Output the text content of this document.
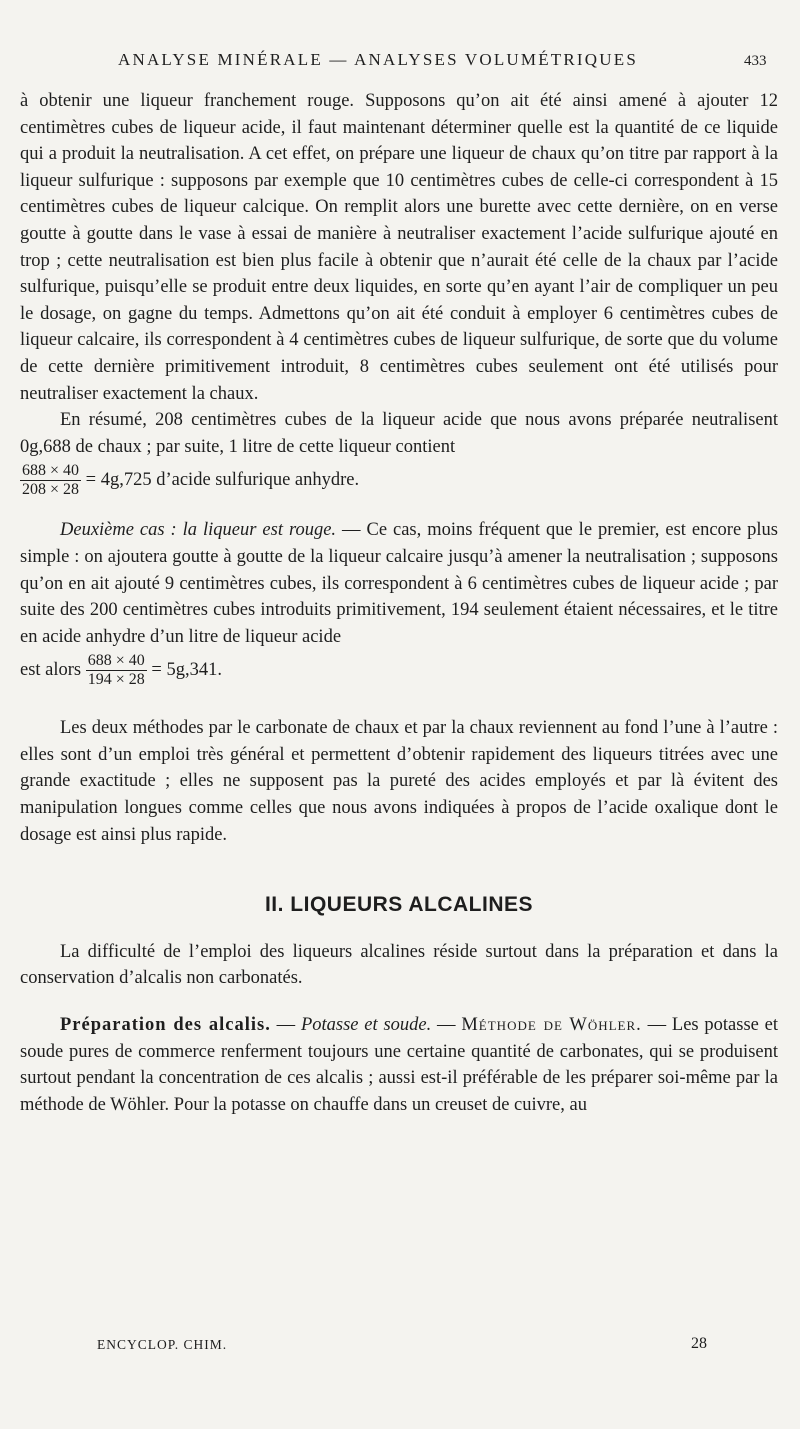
ANALYSE MINÉRALE — ANALYSES VOLUMÉTRIQUES	433

à obtenir une liqueur franchement rouge. Supposons qu’on ait été ainsi amené à ajouter 12 centimètres cubes de liqueur acide, il faut maintenant déterminer quelle est la quantité de ce liquide qui a produit la neutralisation. A cet effet, on prépare une liqueur de chaux qu’on titre par rapport à la liqueur sulfurique : supposons par exemple que 10 centimètres cubes de celle-ci correspondent à 15 centimètres cubes de liqueur calcique. On remplit alors une burette avec cette dernière, on en verse goutte à goutte dans le vase à essai de manière à neutraliser exactement l’acide sulfurique ajouté en trop ; cette neutralisation est bien plus facile à obtenir que n’aurait été celle de la chaux par l’acide sulfurique, puisqu’elle se produit entre deux liquides, en sorte qu’en ayant l’air de compliquer un peu le dosage, on gagne du temps. Admettons qu’on ait été conduit à employer 6 centimètres cubes de liqueur calcaire, ils correspondent à 4 centimètres cubes de liqueur sulfurique, de sorte que du volume de cette dernière primitivement introduit, 8 centimètres cubes seulement ont été utilisés pour neutraliser exactement la chaux.

En résumé, 208 centimètres cubes de la liqueur acide que nous avons préparée neutralisent 0g,688 de chaux ; par suite, 1 litre de cette liqueur contient

$\frac{688 \times 40}{208 \times 28} = 4g,725$ d’acide sulfurique anhydre.

Deuxième cas : la liqueur est rouge. — Ce cas, moins fréquent que le premier, est encore plus simple : on ajoutera goutte à goutte de la liqueur calcaire jusqu’à amener la neutralisation ; supposons qu’on en ait ajouté 9 centimètres cubes, ils correspondent à 6 centimètres cubes de liqueur acide ; par suite des 200 centimètres cubes introduits primitivement, 194 seulement étaient nécessaires, et le titre en acide anhydre d’un litre de liqueur acide

est alors $\frac{688 \times 40}{194 \times 28} = 5g,341$.

Les deux méthodes par le carbonate de chaux et par la chaux reviennent au fond l’une à l’autre : elles sont d’un emploi très général et permettent d’obtenir rapidement des liqueurs titrées avec une grande exactitude ; elles ne supposent pas la pureté des acides employés et par là évitent des manipulation longues comme celles que nous avons indiquées à propos de l’acide oxalique dont le dosage est ainsi plus rapide.

II. LIQUEURS ALCALINES

La difficulté de l’emploi des liqueurs alcalines réside surtout dans la préparation et dans la conservation d’alcalis non carbonatés.

Préparation des alcalis. — Potasse et soude. — Méthode de Wöhler. — Les potasse et soude pures de commerce renferment toujours une certaine quantité de carbonates, qui se produisent surtout pendant la concentration de ces alcalis ; aussi est-il préférable de les préparer soi-même par la méthode de Wöhler. Pour la potasse on chauffe dans un creuset de cuivre, au

ENCYCLOP. CHIM.	28
